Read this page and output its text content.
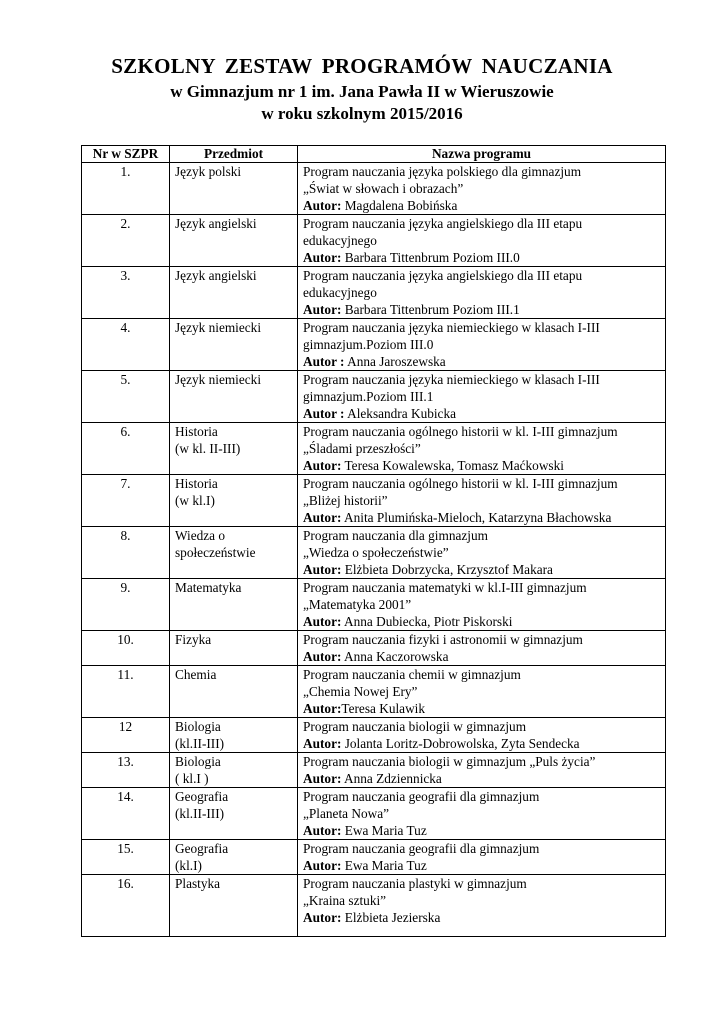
SZKOLNY ZESTAW PROGRAMÓW NAUCZANIA
w Gimnazjum nr 1 im. Jana Pawła II w Wieruszowie
w roku szkolnym 2015/2016
Nr w SZPR	Przedmiot	Nazwa programu
1.	Język polski	Program nauczania języka polskiego dla gimnazjum
„Świat w słowach i obrazach”
Autor: Magdalena Bobińska

2.	Język angielski	Program nauczania języka angielskiego dla III etapu
edukacyjnego
Autor: Barbara Tittenbrum Poziom III.0

3.	Język angielski	Program nauczania języka angielskiego dla III etapu
edukacyjnego
Autor: Barbara Tittenbrum Poziom III.1

4.	Język niemiecki	Program nauczania języka niemieckiego w klasach I-III
gimnazjum.Poziom III.0
Autor : Anna Jaroszewska

5.	Język niemiecki	Program nauczania języka niemieckiego w klasach I-III
gimnazjum.Poziom III.1
Autor : Aleksandra Kubicka

6.	Historia
(w kl. II-III)	Program nauczania ogólnego historii w kl. I-III gimnazjum
„Śladami przeszłości”
Autor: Teresa Kowalewska, Tomasz Maćkowski

7.	Historia
(w kl.I)	Program nauczania ogólnego historii w kl. I-III gimnazjum
„Bliżej historii”
Autor: Anita Plumińska-Mieloch, Katarzyna Błachowska

8.	Wiedza o
społeczeństwie	Program nauczania dla gimnazjum
„Wiedza o społeczeństwie”
Autor: Elżbieta Dobrzycka, Krzysztof Makara

9.	Matematyka	Program nauczania matematyki w kl.I-III gimnazjum
„Matematyka 2001”
Autor: Anna Dubiecka, Piotr Piskorski

10.	Fizyka	Program nauczania fizyki i astronomii w gimnazjum
Autor: Anna Kaczorowska

11.	Chemia	Program nauczania chemii w gimnazjum
„Chemia Nowej Ery”
Autor:Teresa Kulawik

12	Biologia
(kl.II-III)	Program nauczania biologii w gimnazjum
Autor: Jolanta Loritz-Dobrowolska, Zyta Sendecka

13.	Biologia
( kl.I )	Program nauczania biologii w gimnazjum „Puls życia”
Autor: Anna Zdziennicka

14.	Geografia
(kl.II-III)	Program nauczania geografii dla gimnazjum
„Planeta Nowa”
Autor: Ewa Maria Tuz

15.	Geografia
(kl.I)	Program nauczania geografii dla gimnazjum
Autor: Ewa Maria Tuz

16.	Plastyka	Program nauczania plastyki w gimnazjum
„Kraina sztuki”
Autor: Elżbieta Jezierska
